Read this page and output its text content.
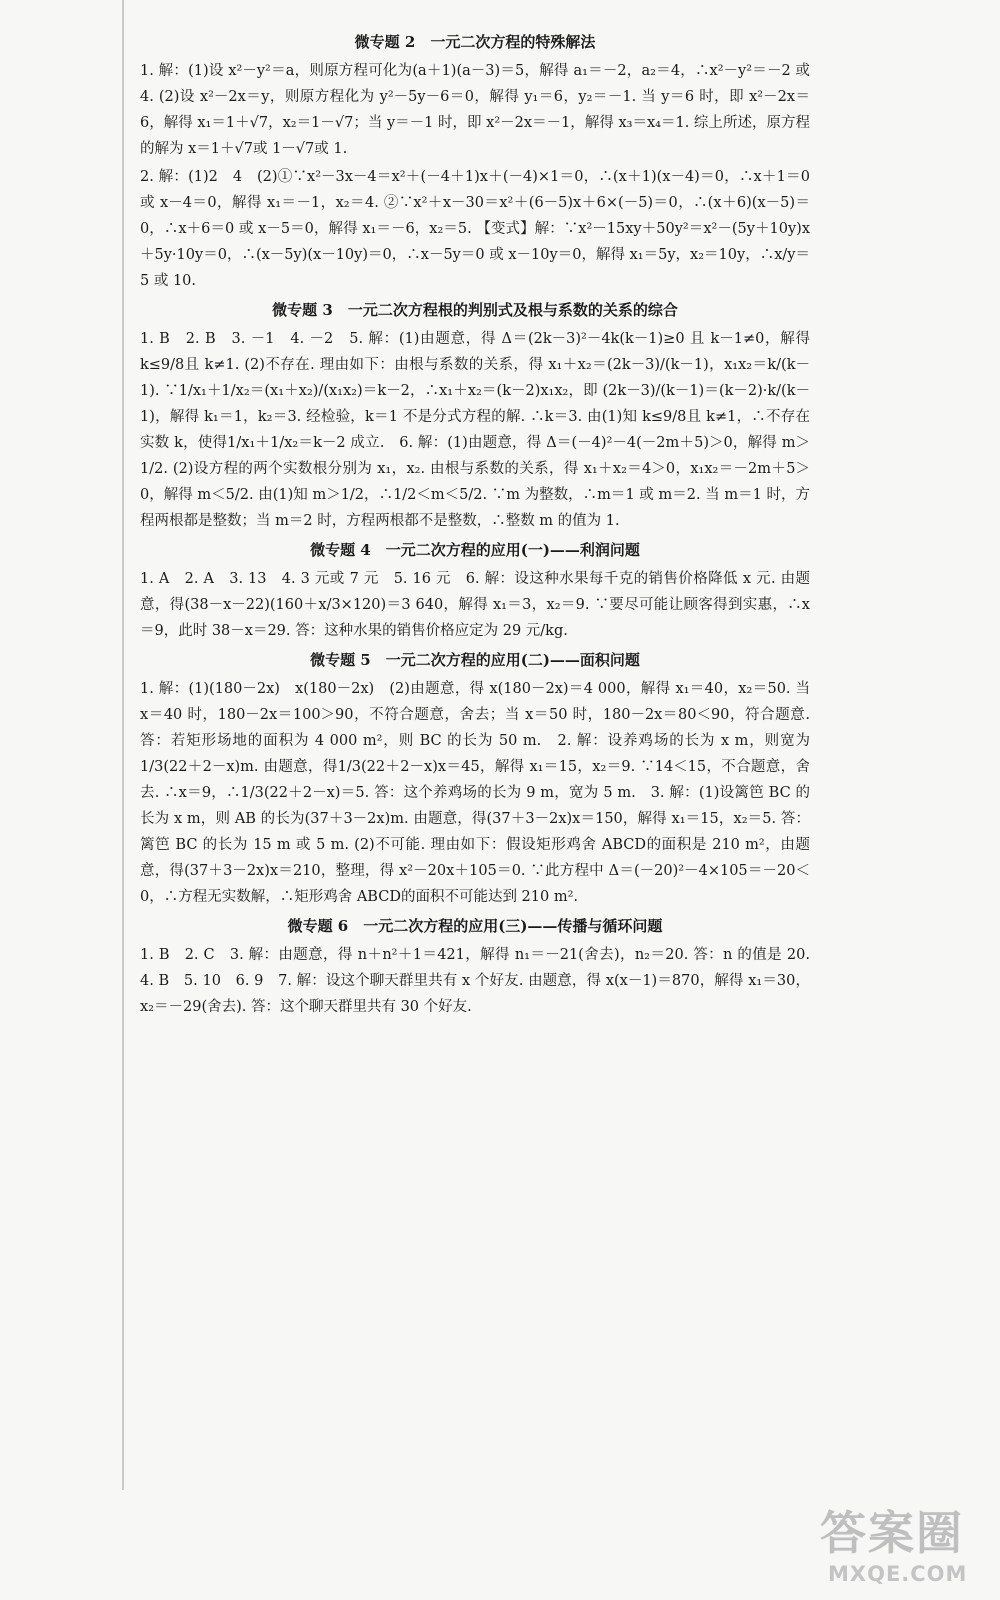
微专题 2　一元二次方程的特殊解法

1. 解：(1)设 x²－y²＝a，则原方程可化为(a＋1)(a－3)＝5，解得 a₁＝－2，a₂＝4，∴x²－y²＝－2 或 4. (2)设 x²－2x＝y，则原方程化为 y²－5y－6＝0，解得 y₁＝6，y₂＝－1. 当 y＝6 时，即 x²－2x＝6，解得 x₁＝1＋√7，x₂＝1－√7；当 y＝－1 时，即 x²－2x＝－1，解得 x₃＝x₄＝1. 综上所述，原方程的解为 x＝1＋√7或 1－√7或 1.

2. 解：(1)2　4　(2)①∵x²－3x－4＝x²＋(－4＋1)x＋(－4)×1＝0，∴(x＋1)(x－4)＝0，∴x＋1＝0 或 x－4＝0，解得 x₁＝－1，x₂＝4. ②∵x²＋x－30＝x²＋(6－5)x＋6×(－5)＝0，∴(x＋6)(x－5)＝0，∴x＋6＝0 或 x－5＝0，解得 x₁＝－6，x₂＝5. 【变式】解：∵x²－15xy＋50y²＝x²－(5y＋10y)x＋5y·10y＝0，∴(x－5y)(x－10y)＝0，∴x－5y＝0 或 x－10y＝0，解得 x₁＝5y，x₂＝10y，∴x/y＝5 或 10.

微专题 3　一元二次方程根的判别式及根与系数的关系的综合

1. B　2. B　3. －1　4. －2　5. 解：(1)由题意，得 Δ＝(2k－3)²－4k(k－1)≥0 且 k－1≠0，解得 k≤9/8且 k≠1. (2)不存在. 理由如下：由根与系数的关系，得 x₁＋x₂＝(2k－3)/(k－1)，x₁x₂＝k/(k－1). ∵1/x₁＋1/x₂＝(x₁＋x₂)/(x₁x₂)＝k－2，∴x₁＋x₂＝(k－2)x₁x₂，即 (2k－3)/(k－1)＝(k－2)·k/(k－1)，解得 k₁＝1，k₂＝3. 经检验，k＝1 不是分式方程的解. ∴k＝3. 由(1)知 k≤9/8且 k≠1，∴不存在实数 k，使得1/x₁＋1/x₂＝k－2 成立.　6. 解：(1)由题意，得 Δ＝(－4)²－4(－2m＋5)＞0，解得 m＞1/2. (2)设方程的两个实数根分别为 x₁，x₂. 由根与系数的关系，得 x₁＋x₂＝4＞0，x₁x₂＝－2m＋5＞0，解得 m＜5/2. 由(1)知 m＞1/2，∴1/2＜m＜5/2. ∵m 为整数，∴m＝1 或 m＝2. 当 m＝1 时，方程两根都是整数；当 m＝2 时，方程两根都不是整数，∴整数 m 的值为 1.

微专题 4　一元二次方程的应用(一)——利润问题

1. A　2. A　3. 13　4. 3 元或 7 元　5. 16 元　6. 解：设这种水果每千克的销售价格降低 x 元. 由题意，得(38－x－22)(160＋x/3×120)＝3 640，解得 x₁＝3，x₂＝9. ∵要尽可能让顾客得到实惠，∴x＝9，此时 38－x＝29. 答：这种水果的销售价格应定为 29 元/kg.

微专题 5　一元二次方程的应用(二)——面积问题

1. 解：(1)(180－2x)　x(180－2x)　(2)由题意，得 x(180－2x)＝4 000，解得 x₁＝40，x₂＝50. 当 x＝40 时，180－2x＝100＞90，不符合题意，舍去；当 x＝50 时，180－2x＝80＜90，符合题意. 答：若矩形场地的面积为 4 000 m²，则 BC 的长为 50 m.　2. 解：设养鸡场的长为 x m，则宽为1/3(22＋2－x)m. 由题意，得1/3(22＋2－x)x＝45，解得 x₁＝15，x₂＝9. ∵14＜15，不合题意，舍去. ∴x＝9，∴1/3(22＋2－x)＝5. 答：这个养鸡场的长为 9 m，宽为 5 m.　3. 解：(1)设篱笆 BC 的长为 x m，则 AB 的长为(37＋3－2x)m. 由题意，得(37＋3－2x)x＝150，解得 x₁＝15，x₂＝5. 答：篱笆 BC 的长为 15 m 或 5 m. (2)不可能. 理由如下：假设矩形鸡舍 ABCD的面积是 210 m²，由题意，得(37＋3－2x)x＝210，整理，得 x²－20x＋105＝0. ∵此方程中 Δ＝(－20)²－4×105＝－20＜0，∴方程无实数解，∴矩形鸡舍 ABCD的面积不可能达到 210 m².

微专题 6　一元二次方程的应用(三)——传播与循环问题

1. B　2. C　3. 解：由题意，得 n＋n²＋1＝421，解得 n₁＝－21(舍去)，n₂＝20. 答：n 的值是 20.　4. B　5. 10　6. 9　7. 解：设这个聊天群里共有 x 个好友. 由题意，得 x(x－1)＝870，解得 x₁＝30，x₂＝－29(舍去). 答：这个聊天群里共有 30 个好友.

答案圈
MXQE.COM
